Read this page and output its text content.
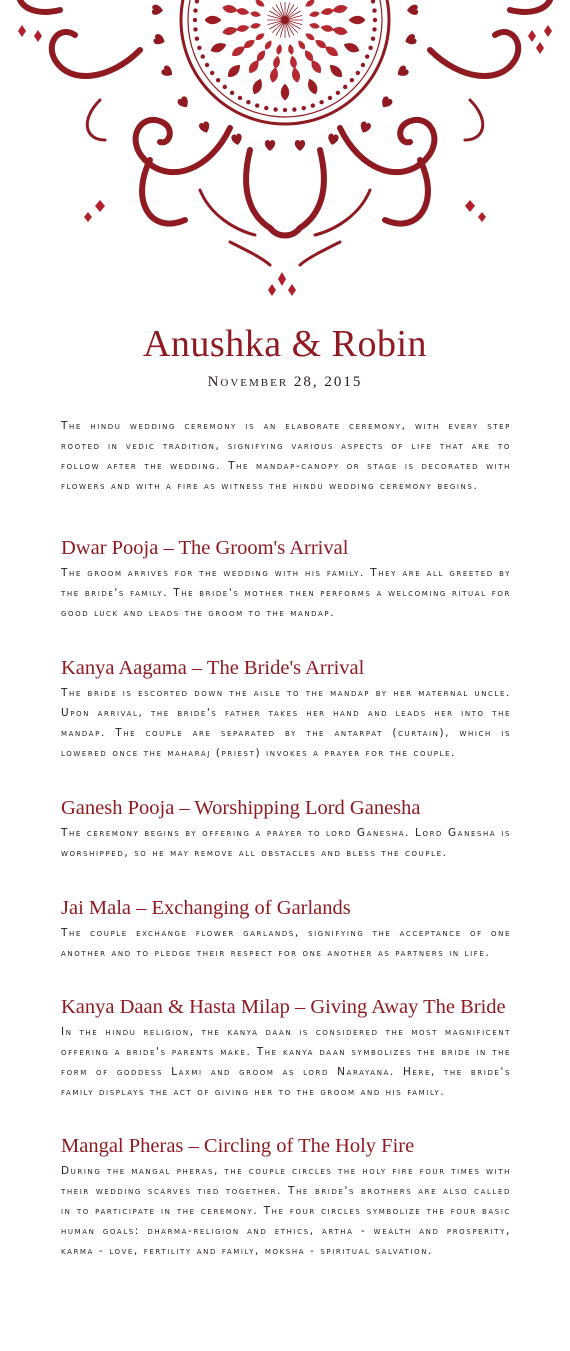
Anushka & Robin
November 28, 2015

The hindu wedding ceremony is an elaborate ceremony, with every step rooted in vedic tradition, signifying various aspects of life that are to follow after the wedding. The mandap-canopy or stage is decorated with flowers and with a fire as witness the hindu wedding ceremony begins.

Dwar Pooja – The Groom's Arrival

The groom arrives for the wedding with his family. They are all greeted by the bride's family. The bride's mother then performs a welcoming ritual for good luck and leads the groom to the mandap.

Kanya Aagama – The Bride's Arrival

The bride is escorted down the aisle to the mandap by her maternal uncle. Upon arrival, the bride's father takes her hand and leads her into the mandap. The couple are separated by the antarpat (curtain), which is lowered once the maharaj (priest) invokes a prayer for the couple.

Ganesh Pooja – Worshipping Lord Ganesha

The ceremony begins by offering a prayer to lord Ganesha. Lord Ganesha is worshipped, so he may remove all obstacles and bless the couple.

Jai Mala – Exchanging of Garlands

The couple exchange flower garlands, signifying the acceptance of one another and to pledge their respect for one another as partners in life.

Kanya Daan & Hasta Milap – Giving Away The Bride

In the hindu religion, the kanya daan is considered the most magnificent offering a bride's parents make. The kanya daan symbolizes the bride in the form of goddess Laxmi and groom as lord Narayana. Here, the bride's family displays the act of giving her to the groom and his family.

Mangal Pheras – Circling of The Holy Fire

During the mangal pheras, the couple circles the holy fire four times with their wedding scarves tied together. The bride's brothers are also called in to participate in the ceremony. The four circles symbolize the four basic human goals: dharma-religion and ethics, artha - wealth and prosperity, karma - love, fertility and family, moksha - spiritual salvation.
